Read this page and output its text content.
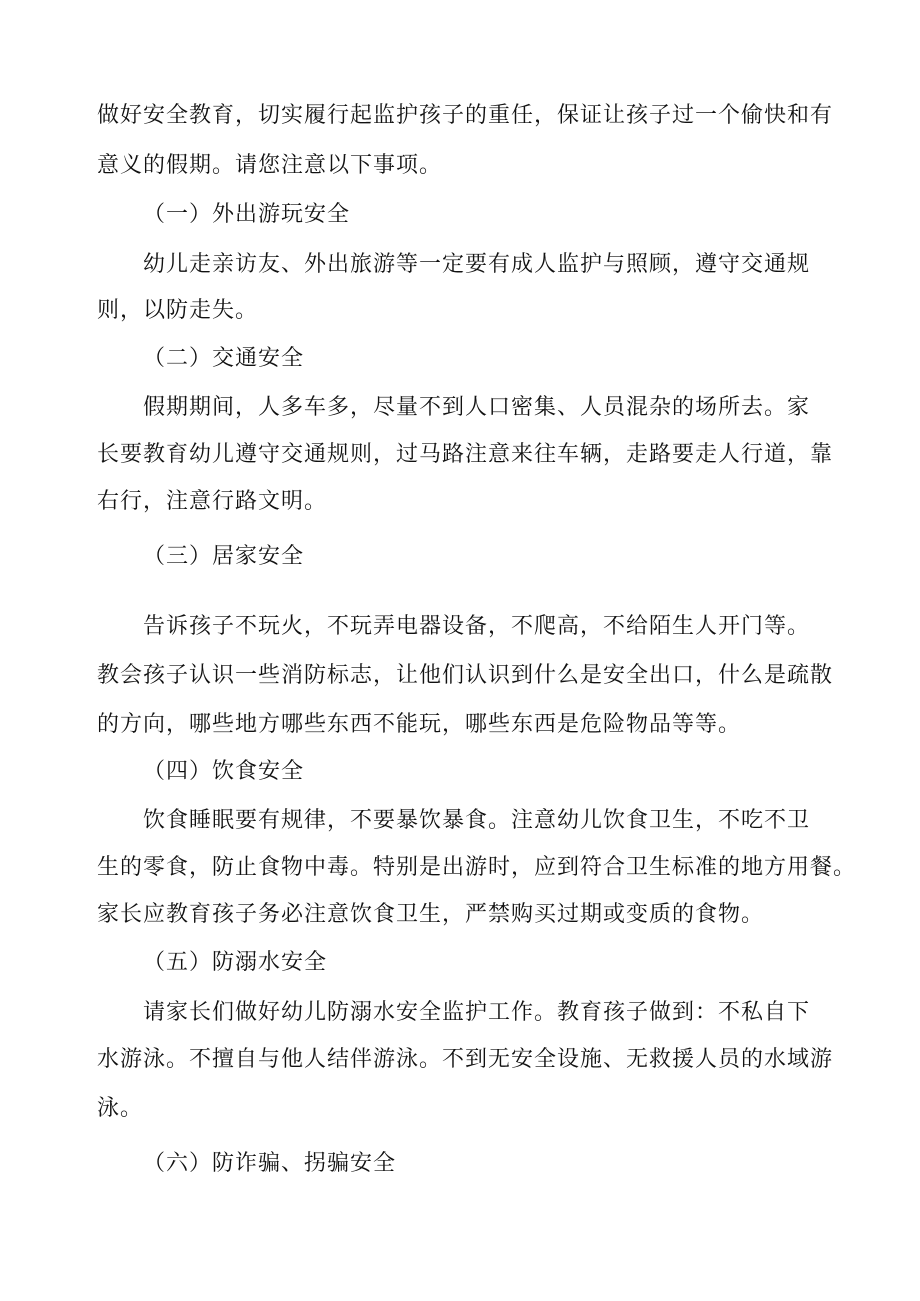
做好安全教育，切实履行起监护孩子的重任，保证让孩子过一个偷快和有
意义的假期。请您注意以下事项。
（一）外出游玩安全
幼儿走亲访友、外出旅游等一定要有成人监护与照顾，遵守交通规
则，以防走失。
（二）交通安全
假期期间，人多车多，尽量不到人口密集、人员混杂的场所去。家
长要教育幼儿遵守交通规则，过马路注意来往车辆，走路要走人行道，靠
右行，注意行路文明。
（三）居家安全
告诉孩子不玩火，不玩弄电器设备，不爬高，不给陌生人开门等。
教会孩子认识一些消防标志，让他们认识到什么是安全出口，什么是疏散
的方向，哪些地方哪些东西不能玩，哪些东西是危险物品等等。
（四）饮食安全
饮食睡眠要有规律，不要暴饮暴食。注意幼儿饮食卫生，不吃不卫
生的零食，防止食物中毒。特别是出游时，应到符合卫生标准的地方用餐。
家长应教育孩子务必注意饮食卫生，严禁购买过期或变质的食物。
（五）防溺水安全
请家长们做好幼儿防溺水安全监护工作。教育孩子做到：不私自下
水游泳。不擅自与他人结伴游泳。不到无安全设施、无救援人员的水域游
泳。
（六）防诈骗、拐骗安全
